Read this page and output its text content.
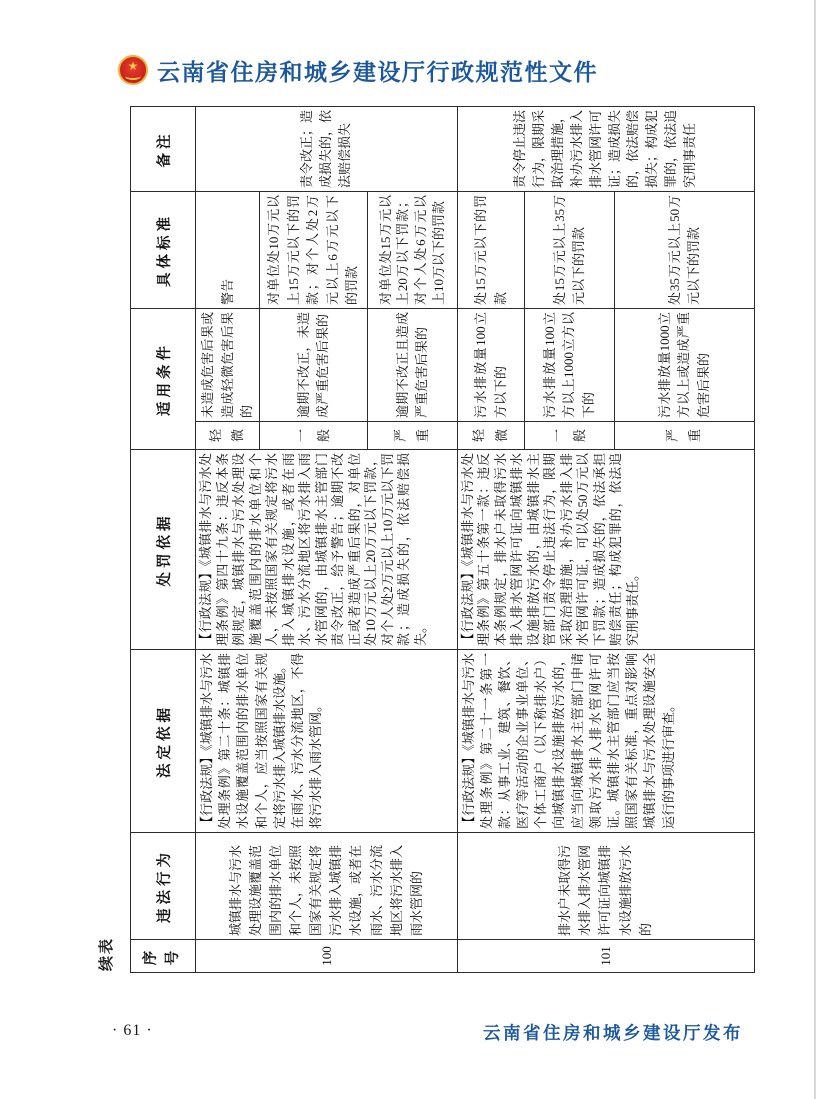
★
云南省住房和城乡建设厅行政规范性文件
续表 序号	违法行为	法定依据	处罚依据	适用条件		具体标准	备注
100	城镇排水与污水处理设施覆盖范围内的排水单位和个人，未按照国家有关规定将污水排入城镇排水设施，或者在雨水、污水分流地区将污水排入雨水管网的	【行政法规】《城镇排水与污水处理条例》第二十条：城镇排水设施覆盖范围内的排水单位和个人，应当按照国家有关规定将污水排入城镇排水设施。 在雨水、污水分流地区，不得将污水排入雨水管网。	【行政法规】《城镇排水与污水处理条例》第四十九条：违反本条例规定，城镇排水与污水处理设施覆盖范围内的排水单位和个人，未按照国家有关规定将污水排入城镇排水设施，或者在雨水、污水分流地区将污水排入雨水管网的，由城镇排水主管部门责令改正，给予警告；逾期不改正或者造成严重后果的，对单位处10万元以上20万元以下罚款，对个人处2万元以上10万元以下罚款；造成损失的，依法赔偿损失。	轻微	未造成危害后果或造成轻微危害后果的	警告	责令改正；造成损失的，依法赔偿损失
				一般	逾期不改正，未造成严重危害后果的	对单位处10万元以上15万元以下的罚款；对个人处2万元以上6万元以下的罚款	
				严重	逾期不改正且造成严重危害后果的	对单位处15万元以上20万以下罚款；对个人处6万元以上10万以下的罚款	
101	排水户未取得污水排入排水管网许可证向城镇排水设施排放污水的	【行政法规】《城镇排水与污水处理条例》第二十一条第一款：从事工业、建筑、餐饮、医疗等活动的企业事业单位、个体工商户（以下称排水户）向城镇排水设施排放污水的，应当向城镇排水主管部门申请领取污水排入排水管网许可证。城镇排水主管部门应当按照国家有关标准，重点对影响城镇排水与污水处理设施安全运行的事项进行审查。	【行政法规】《城镇排水与污水处理条例》第五十条第一款：违反本条例规定，排水户未取得污水排入排水管网许可证向城镇排水设施排放污水的，由城镇排水主管部门责令停止违法行为，限期采取治理措施，补办污水排入排水管网许可证，可以处50万元以下罚款；造成损失的，依法承担赔偿责任；构成犯罪的，依法追究刑事责任。	轻微	污水排放量100立方以下的	处15万元以下的罚款	责令停止违法行为，限期采取治理措施，补办污水排入排水管网许可证；造成损失的，依法赔偿损失；构成犯罪的，依法追究刑事责任
				一般	污水排放量100立方以上1000立方以下的	处15万元以上35万元以下的罚款	
				严重	污水排放量1000立方以上或造成严重危害后果的	处35万元以上50万元以下的罚款	
· 61 ·	云南省住房和城乡建设厅发布
